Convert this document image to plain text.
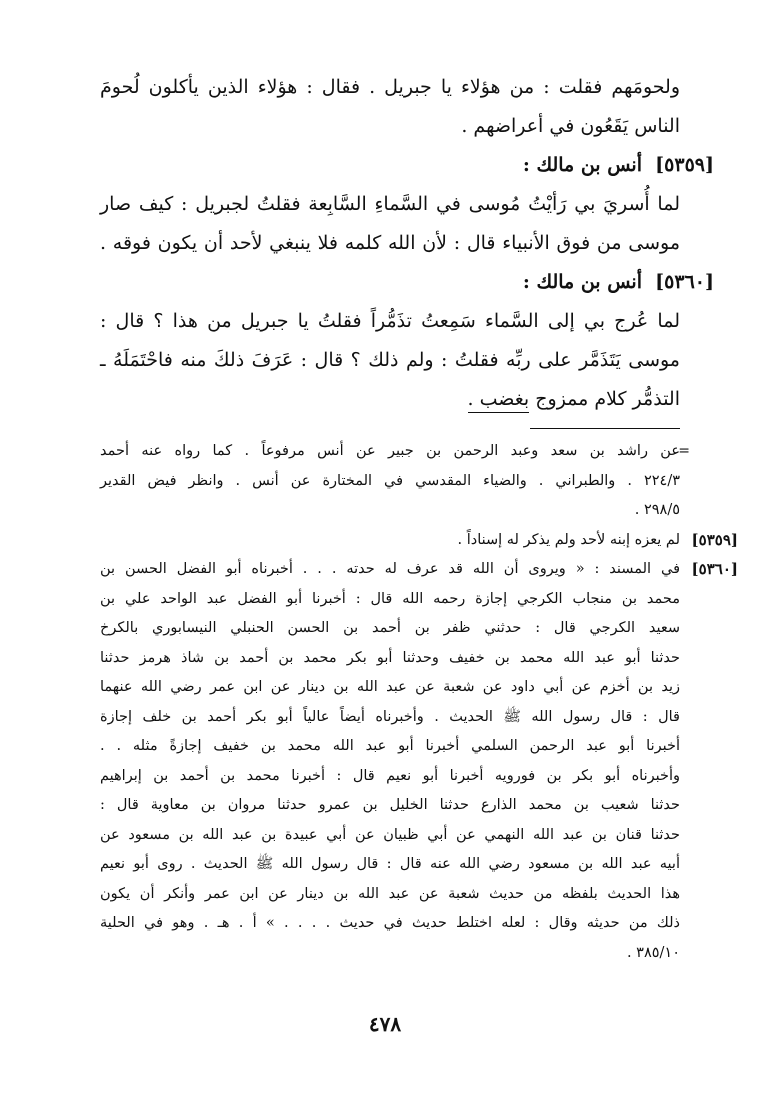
ولحومَهم فقلت : من هؤلاء يا جبريل . فقال : هؤلاء الذين يأكلون لُحومَ
الناس يَقَعُون في أعراضهم .
[٥٣٥٩]
أنس بن مالك :
لما أُسريَ بي رَأيْتُ مُوسى في السَّماءِ السَّابِعة فقلتُ لجبريل : كيف صار
موسى من فوق الأنبياء قال : لأن الله كلمه فلا ينبغي لأحد أن يكون فوقه .
[٥٣٦٠]
أنس بن مالك :
لما عُرج بي إلى السَّماء سَمِعتُ تذَمُّراً فقلتُ يا جبريل من هذا ؟ قال :
موسى يَتَذَمَّر على ربِّه فقلتُ : ولم ذلك ؟ قال : عَرَفَ ذلكَ منه فاحْتَمَلَهُ ـ
التذمُّر كلام ممزوج بغضب .
=
عن راشد بن سعد وعبد الرحمن بن جبير عن أنس مرفوعاً . كما رواه عنه أحمد
٢٢٤/٣ . والطبراني . والضياء المقدسي في المختارة عن أنس . وانظر فيض القدير
٢٩٨/٥ .
[٥٣٥٩]
لم يعزه إبنه لأحد ولم يذكر له إسناداً .
[٥٣٦٠]
في المسند : « ويروى أن الله قد عرف له حدته . . . أخبرناه أبو الفضل الحسن بن
محمد بن منجاب الكرجي إجازة رحمه الله قال : أخبرنا أبو الفضل عبد الواحد علي بن
سعيد الكرجي قال : حدثني ظفر بن أحمد بن الحسن الحنبلي النيسابوري بالكرخ
حدثنا أبو عبد الله محمد بن خفيف وحدثنا أبو بكر محمد بن أحمد بن شاذ هرمز حدثنا
زيد بن أخزم عن أبي داود عن شعبة عن عبد الله بن دينار عن ابن عمر رضي الله عنهما
قال : قال رسول الله ﷺ الحديث . وأخبرناه أيضاً عالياً أبو بكر أحمد بن خلف إجازة
أخبرنا أبو عبد الرحمن السلمي أخبرنا أبو عبد الله محمد بن خفيف إجازةً مثله . .
وأخبرناه أبو بكر بن فورويه أخبرنا أبو نعيم قال : أخبرنا محمد بن أحمد بن إبراهيم
حدثنا شعيب بن محمد الذارع حدثنا الخليل بن عمرو حدثنا مروان بن معاوية قال :
حدثنا قنان بن عبد الله النهمي عن أبي ظبيان عن أبي عبيدة بن عبد الله بن مسعود عن
أبيه عبد الله بن مسعود رضي الله عنه قال : قال رسول الله ﷺ الحديث . روى أبو نعيم
هذا الحديث بلفظه من حديث شعبة عن عبد الله بن دينار عن ابن عمر وأنكر أن يكون
ذلك من حديثه وقال : لعله اختلط حديث في حديث . . . . » أ . هـ . وهو في الحلية
٣٨٥/١٠ .
٤٧٨
